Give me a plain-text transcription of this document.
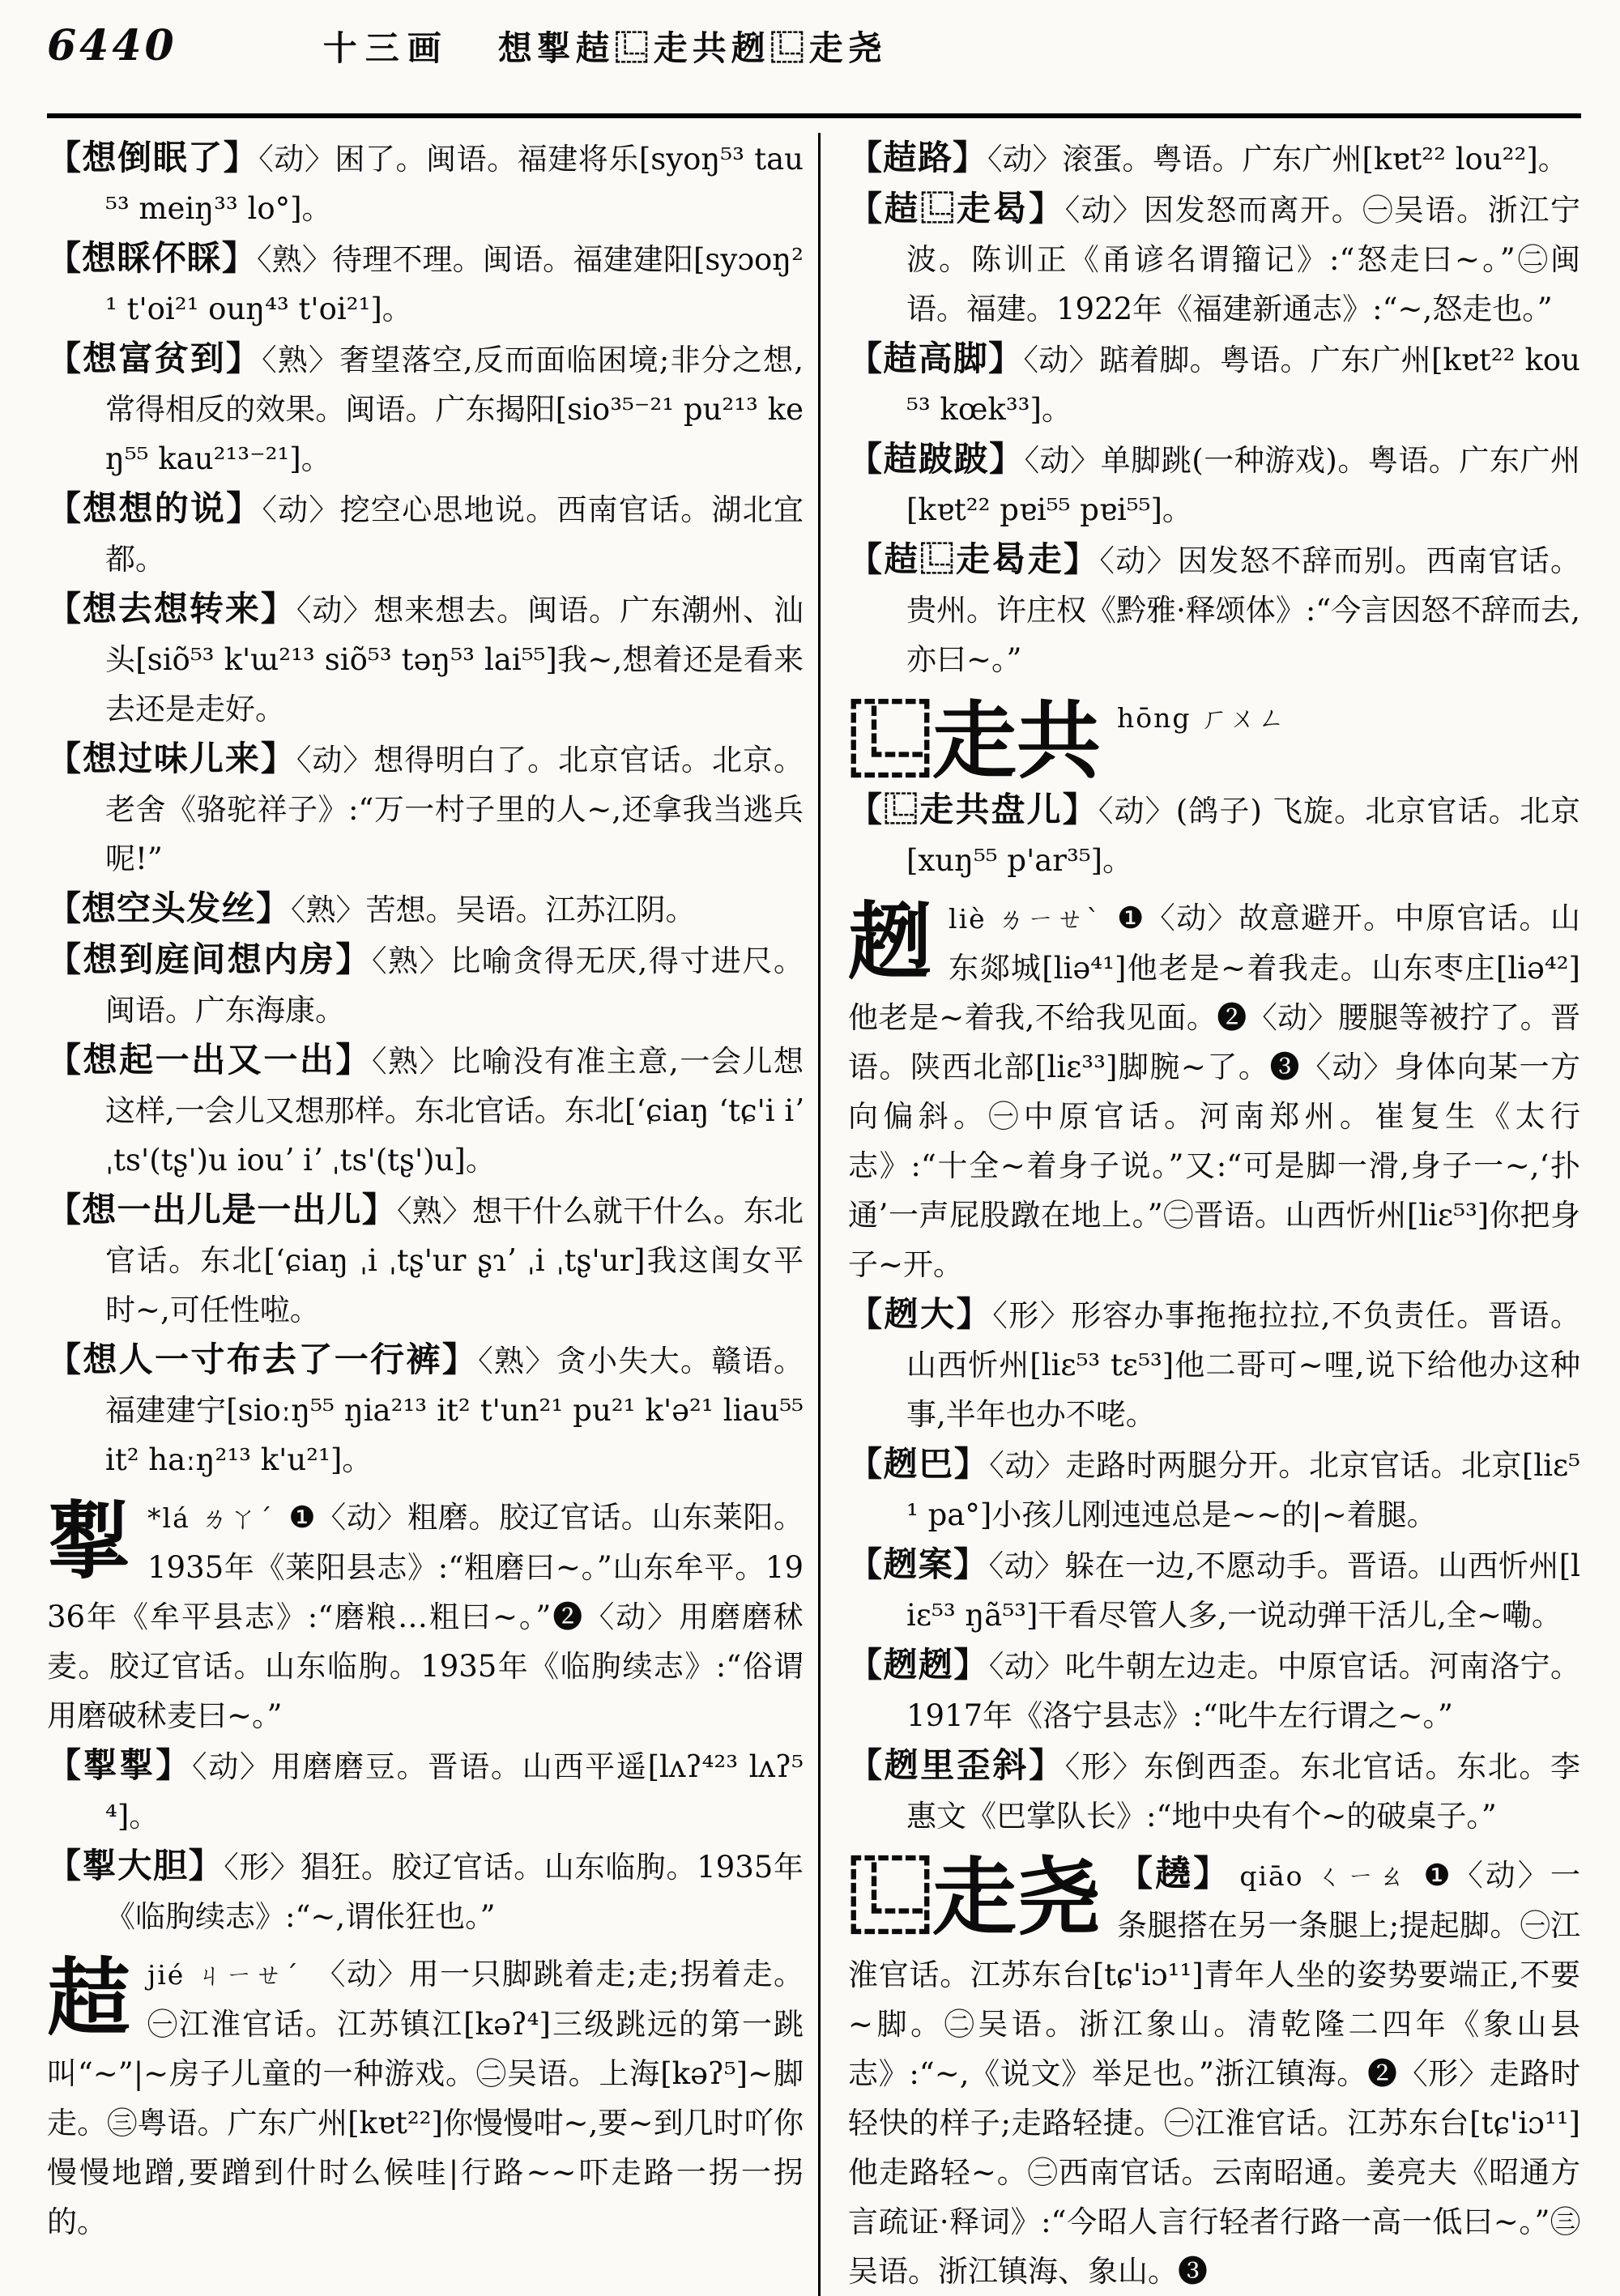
6440	十三画 想揧趌⿺走共趔⿺走尧
【想倒眠了】〈动〉困了。闽语。福建将乐[syoŋ⁵³ tau⁵³ meiŋ³³ lo°]。
【想睬伓睬】〈熟〉待理不理。闽语。福建建阳[syɔoŋ²¹ t'oi²¹ ouŋ⁴³ t'oi²¹]。
【想富贫到】〈熟〉奢望落空,反而面临困境;非分之想,常得相反的效果。闽语。广东揭阳[sio³⁵⁻²¹ pu²¹³ keŋ⁵⁵ kau²¹³⁻²¹]。
【想想的说】〈动〉挖空心思地说。西南官话。湖北宜都。
【想去想转来】〈动〉想来想去。闽语。广东潮州、汕头[siõ⁵³ k'ɯ²¹³ siõ⁵³ təŋ⁵³ lai⁵⁵]我~,想着还是看来去还是走好。
【想过味儿来】〈动〉想得明白了。北京官话。北京。老舍《骆驼祥子》:“万一村子里的人~,还拿我当逃兵呢!”
【想空头发丝】〈熟〉苦想。吴语。江苏江阴。
【想到庭间想内房】〈熟〉比喻贪得无厌,得寸进尺。闽语。广东海康。
【想起一出又一出】〈熟〉比喻没有准主意,一会儿想这样,一会儿又想那样。东北官话。东北[ʻɕiaŋ ʻtɕ'i iʼ ˌts'(tʂ')u iouʼ iʼ ˌts'(tʂ')u]。
【想一出儿是一出儿】〈熟〉想干什么就干什么。东北官话。东北[ʻɕiaŋ ˌi ˌtʂ'ur ʂɿʼ ˌi ˌtʂ'ur]我这闺女平时~,可任性啦。
【想人一寸布去了一行裤】〈熟〉贪小失大。赣语。福建建宁[sioːŋ⁵⁵ ŋia²¹³ it² t'un²¹ pu²¹ k'ə²¹ liau⁵⁵ it² haːŋ²¹³ k'u²¹]。
揧 *lá ㄌㄚˊ ❶〈动〉粗磨。胶辽官话。山东莱阳。1935年《莱阳县志》:“粗磨曰~。”山东牟平。1936年《牟平县志》:“磨粮…粗曰~。”❷〈动〉用磨磨秫麦。胶辽官话。山东临朐。1935年《临朐续志》:“俗谓用磨破秫麦曰~。”
【揧揧】〈动〉用磨磨豆。晋语。山西平遥[lʌʔ⁴²³ lʌʔ⁵⁴]。
【揧大胆】〈形〉猖狂。胶辽官话。山东临朐。1935年《临朐续志》:“~,谓伥狂也。”
趌jié ㄐㄧㄝˊ 〈动〉用一只脚跳着走;走;拐着走。㊀江淮官话。江苏镇江[kəʔ⁴]三级跳远的第一跳叫“~”|~房子儿童的一种游戏。㊁吴语。上海[kəʔ⁵]~脚走。㊂粤语。广东广州[kɐt²²]你慢慢咁~,要~到几时吖你慢慢地蹭,要蹭到什时么候哇|行路~~吓走路一拐一拐的。
【趌路】〈动〉滚蛋。粤语。广东广州[kɐt²² lou²²]。
【趌⿺走曷】〈动〉因发怒而离开。㊀吴语。浙江宁波。陈训正《甬谚名谓籀记》:“怒走曰~。”㊁闽语。福建。1922年《福建新通志》:“~,怒走也。”
【趌高脚】〈动〉踮着脚。粤语。广东广州[kɐt²² kou⁵³ kœk³³]。
【趌跛跛】〈动〉单脚跳(一种游戏)。粤语。广东广州[kɐt²² pɐi⁵⁵ pɐi⁵⁵]。
【趌⿺走曷走】〈动〉因发怒不辞而别。西南官话。贵州。许庄权《黔雅·释颂体》:“今言因怒不辞而去,亦曰~。”
⿺走共 hōng ㄏㄨㄥ
【⿺走共盘儿】〈动〉(鸽子) 飞旋。北京官话。北京[xuŋ⁵⁵ p'ar³⁵]。
趔liè ㄌㄧㄝˋ ❶〈动〉故意避开。中原官话。山东郯城[liə⁴¹]他老是~着我走。山东枣庄[liə⁴²]他老是~着我,不给我见面。❷〈动〉腰腿等被拧了。晋语。陕西北部[liɛ³³]脚腕~了。❸〈动〉身体向某一方向偏斜。㊀中原官话。河南郑州。崔复生《太行志》:“十全~着身子说。”又:“可是脚一滑,身子一~,‘扑通’一声屁股蹾在地上。”㊁晋语。山西忻州[liɛ⁵³]你把身子~开。
【趔大】〈形〉形容办事拖拖拉拉,不负责任。晋语。山西忻州[liɛ⁵³ tɛ⁵³]他二哥可~哩,说下给他办这种事,半年也办不咾。
【趔巴】〈动〉走路时两腿分开。北京官话。北京[liɛ⁵¹ pa°]小孩儿刚迍迍总是~~的|~着腿。
【趔案】〈动〉躲在一边,不愿动手。晋语。山西忻州[liɛ⁵³ ŋã⁵³]干看尽管人多,一说动弹干活儿,全~嘞。
【趔趔】〈动〉叱牛朝左边走。中原官话。河南洛宁。1917年《洛宁县志》:“叱牛左行谓之~。”
【趔里歪斜】〈形〉东倒西歪。东北官话。东北。李惠文《巴掌队长》:“地中央有个~的破桌子。”
⿺走尧 【趬】 qiāo ㄑㄧㄠ ❶〈动〉一条腿搭在另一条腿上;提起脚。㊀江淮官话。江苏东台[tɕ'iɔ¹¹]青年人坐的姿势要端正,不要~脚。㊁吴语。浙江象山。清乾隆二四年《象山县志》:“~,《说文》举足也。”浙江镇海。❷〈形〉走路时轻快的样子;走路轻捷。㊀江淮官话。江苏东台[tɕ'iɔ¹¹]他走路轻~。㊁西南官话。云南昭通。姜亮夫《昭通方言疏证·释词》:“今昭人言行轻者行路一高一低曰~。”㊂吴语。浙江镇海、象山。❸
